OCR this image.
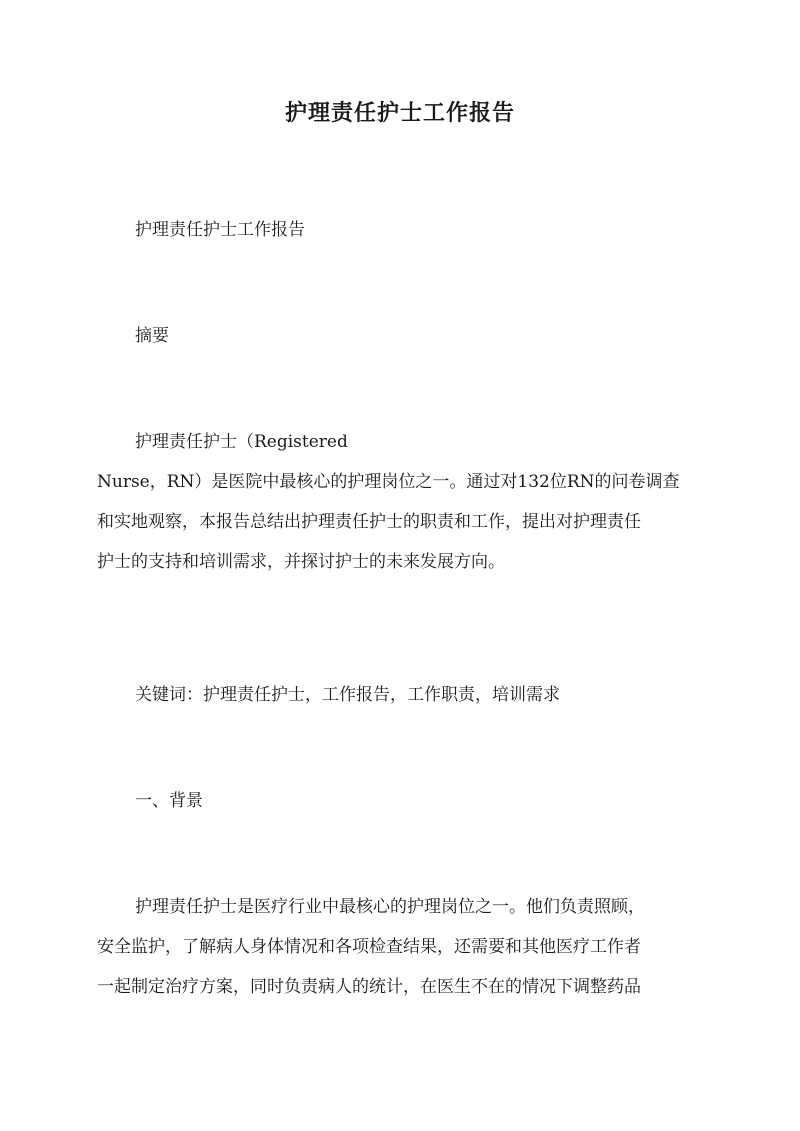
护理责任护士工作报告

护理责任护士工作报告

摘要

护理责任护士（Registered
Nurse，RN）是医院中最核心的护理岗位之一。通过对132位RN的问卷调查
和实地观察，本报告总结出护理责任护士的职责和工作，提出对护理责任
护士的支持和培训需求，并探讨护士的未来发展方向。

关键词：护理责任护士，工作报告，工作职责，培训需求

一、背景

护理责任护士是医疗行业中最核心的护理岗位之一。他们负责照顾，
安全监护，了解病人身体情况和各项检查结果，还需要和其他医疗工作者
一起制定治疗方案，同时负责病人的统计，在医生不在的情况下调整药品
